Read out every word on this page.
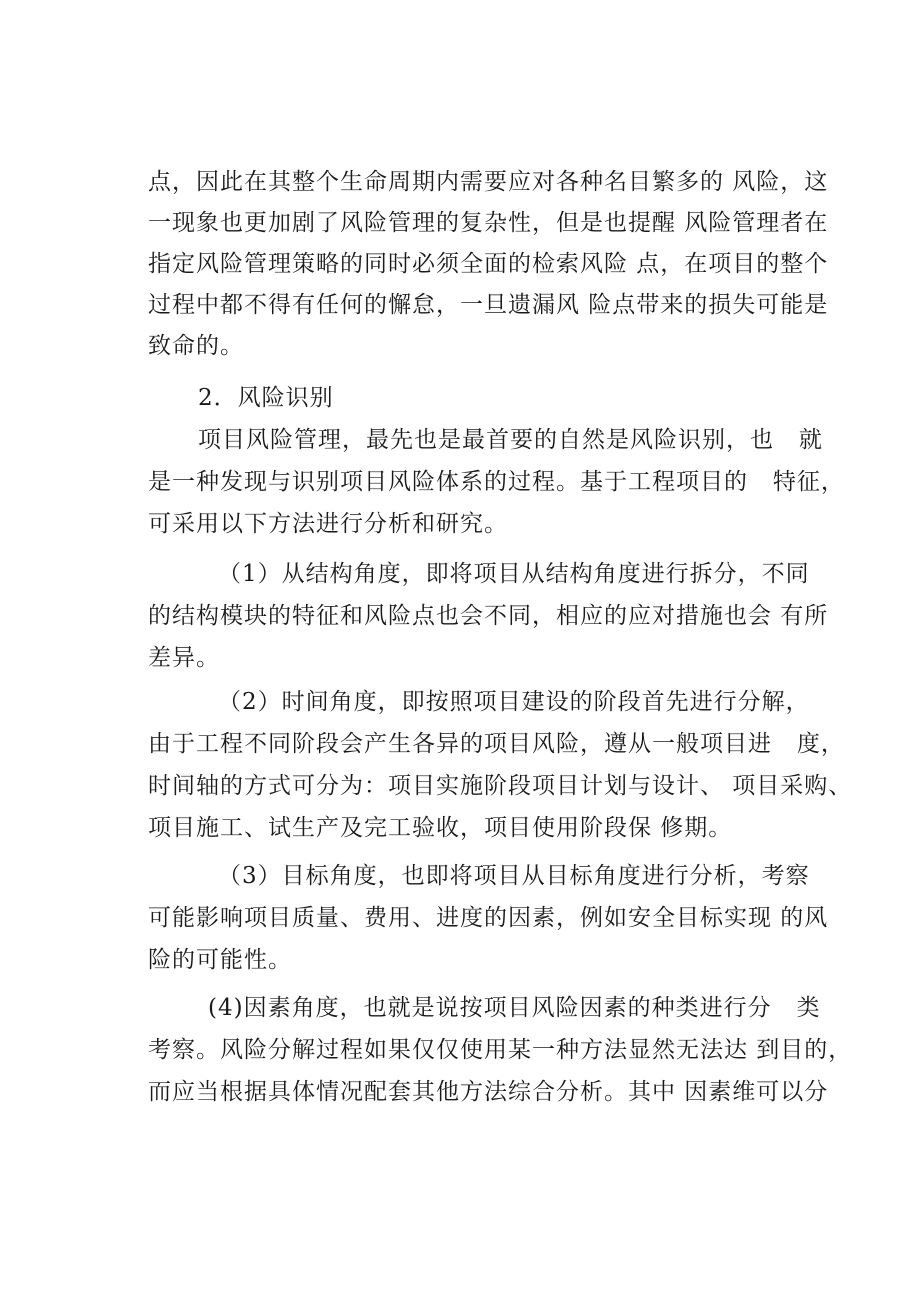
点，因此在其整个生命周期内需要应对各种名目繁多的 风险，这
一现象也更加剧了风险管理的复杂性，但是也提醒 风险管理者在
指定风险管理策略的同时必须全面的检索风险 点，在项目的整个
过程中都不得有任何的懈怠，一旦遗漏风 险点带来的损失可能是
致命的。
2．风险识别
项目风险管理，最先也是最首要的自然是风险识别，也   就
是一种发现与识别项目风险体系的过程。基于工程项目的   特征，
可采用以下方法进行分析和研究。
（1）从结构角度，即将项目从结构角度进行拆分，不同
的结构模块的特征和风险点也会不同，相应的应对措施也会 有所
差异。
（2）时间角度，即按照项目建设的阶段首先进行分解，
由于工程不同阶段会产生各异的项目风险，遵从一般项目进   度，
时间轴的方式可分为：项目实施阶段项目计划与设计、 项目采购、
项目施工、试生产及完工验收，项目使用阶段保 修期。
（3）目标角度，也即将项目从目标角度进行分析，考察
可能影响项目质量、费用、进度的因素，例如安全目标实现 的风
险的可能性。
(4)因素角度，也就是说按项目风险因素的种类进行分   类
考察。风险分解过程如果仅仅使用某一种方法显然无法达 到目的，
而应当根据具体情况配套其他方法综合分析。其中 因素维可以分
